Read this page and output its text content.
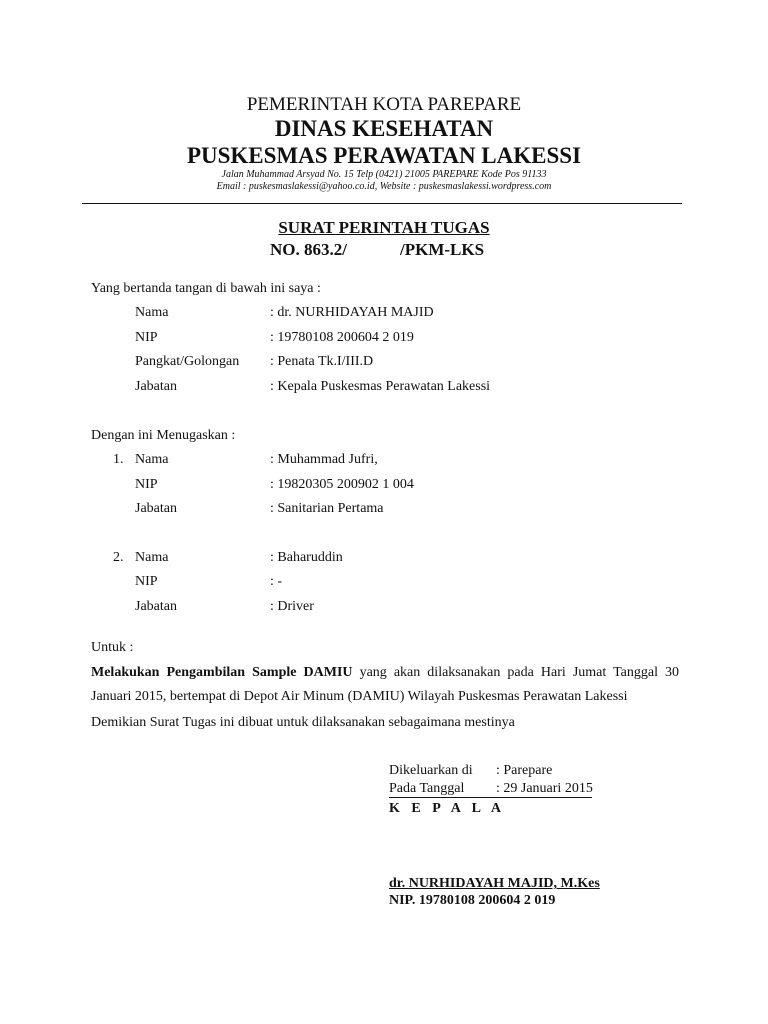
PEMERINTAH KOTA PAREPARE
DINAS KESEHATAN
PUSKESMAS PERAWATAN LAKESSI
Jalan Muhammad Arsyad No. 15 Telp (0421) 21005 PAREPARE Kode Pos 91133
Email : puskesmaslakessi@yahoo.co.id, Website : puskesmaslakessi.wordpress.com
SURAT PERINTAH TUGAS
NO. 863.2/	/PKM-LKS
Yang bertanda tangan di bawah ini saya :
Nama	: dr. NURHIDAYAH MAJID
NIP	: 19780108 200604 2 019
Pangkat/Golongan : Penata Tk.I/III.D
Jabatan	: Kepala Puskesmas Perawatan Lakessi
Dengan ini Menugaskan :
1. Nama	: Muhammad Jufri,
NIP	: 19820305 200902 1 004
Jabatan	: Sanitarian Pertama
2. Nama	: Baharuddin
NIP	: -
Jabatan	: Driver
Untuk :
Melakukan Pengambilan Sample DAMIU yang akan dilaksanakan pada Hari Jumat Tanggal 30 Januari 2015, bertempat di Depot Air Minum (DAMIU) Wilayah Puskesmas Perawatan Lakessi
Demikian Surat Tugas ini dibuat untuk dilaksanakan sebagaimana mestinya
Dikeluarkan di : Parepare
Pada Tanggal : 29 Januari 2015
K E P A L A
dr. NURHIDAYAH MAJID, M.Kes
NIP. 19780108 200604 2 019
